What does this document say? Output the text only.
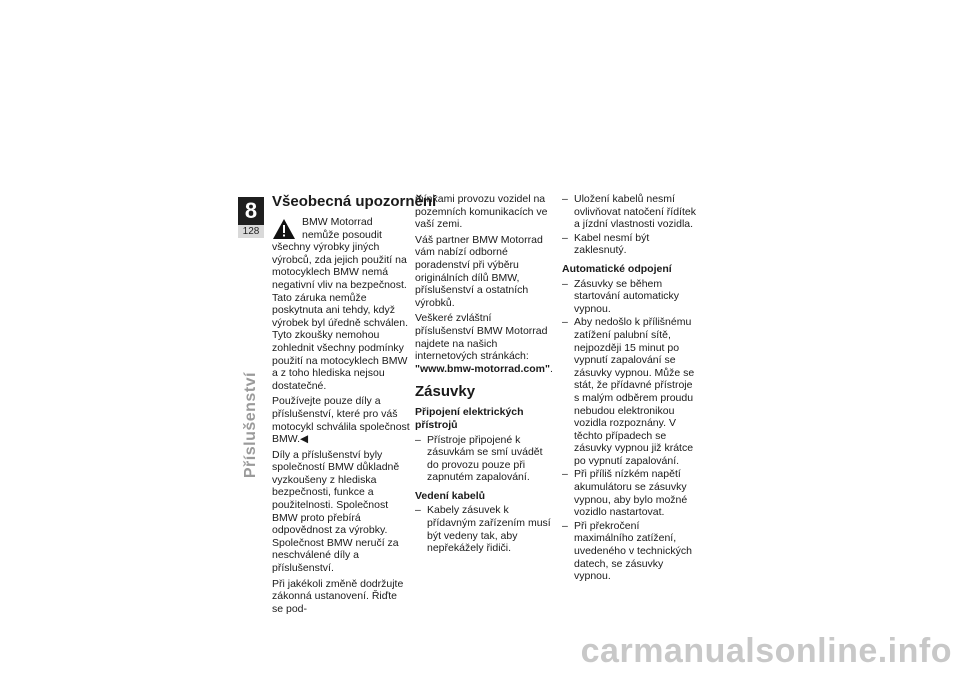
8
128
Příslušenství
Všeobecná upozornění

BMW Motorrad nemůže posoudit všechny výrobky jiných výrobců, zda jejich použití na motocyklech BMW nemá negativní vliv na bezpečnost. Tato záruka nemůže poskytnuta ani tehdy, když výrobek byl úředně schválen. Tyto zkoušky nemohou zohlednit všechny podmínky použití na motocyklech BMW a z toho hlediska nejsou dostatečné.

Používejte pouze díly a příslušenství, které pro váš motocykl schválila společnost BMW.◀

Díly a příslušenství byly společností BMW důkladně vyzkoušeny z hlediska bezpečnosti, funkce a použitelnosti. Společnost BMW proto přebírá odpovědnost za výrobky. Společnost BMW neručí za neschválené díly a příslušenství.

Při jakékoli změně dodržujte zákonná ustanovení. Řiďte se pod-

mínkami provozu vozidel na pozemních komunikacích ve vaší zemi.

Váš partner BMW Motorrad vám nabízí odborné poradenství při výběru originálních dílů BMW, příslušenství a ostatních výrobků.

Veškeré zvláštní příslušenství BMW Motorrad najdete na našich internetových stránkách: "www.bmw-motorrad.com".

Zásuvky
Připojení elektrických přístrojů
– Přístroje připojené k zásuvkám se smí uvádět do provozu pouze při zapnutém zapalování.
Vedení kabelů
– Kabely zásuvek k přídavným zařízením musí být vedeny tak, aby nepřekážely řidiči.
– Uložení kabelů nesmí ovlivňovat natočení řídítek a jízdní vlastnosti vozidla.
– Kabel nesmí být zaklesnutý.
Automatické odpojení
– Zásuvky se během startování automaticky vypnou.
– Aby nedošlo k přílišnému zatížení palubní sítě, nejpozději 15 minut po vypnutí zapalování se zásuvky vypnou. Může se stát, že přídavné přístroje s malým odběrem proudu nebudou elektronikou vozidla rozpoznány. V těchto případech se zásuvky vypnou již krátce po vypnutí zapalování.
– Při příliš nízkém napětí akumulátoru se zásuvky vypnou, aby bylo možné vozidlo nastartovat.
– Při překročení maximálního zatížení, uvedeného v technických datech, se zásuvky vypnou.
carmanualsonline.info
